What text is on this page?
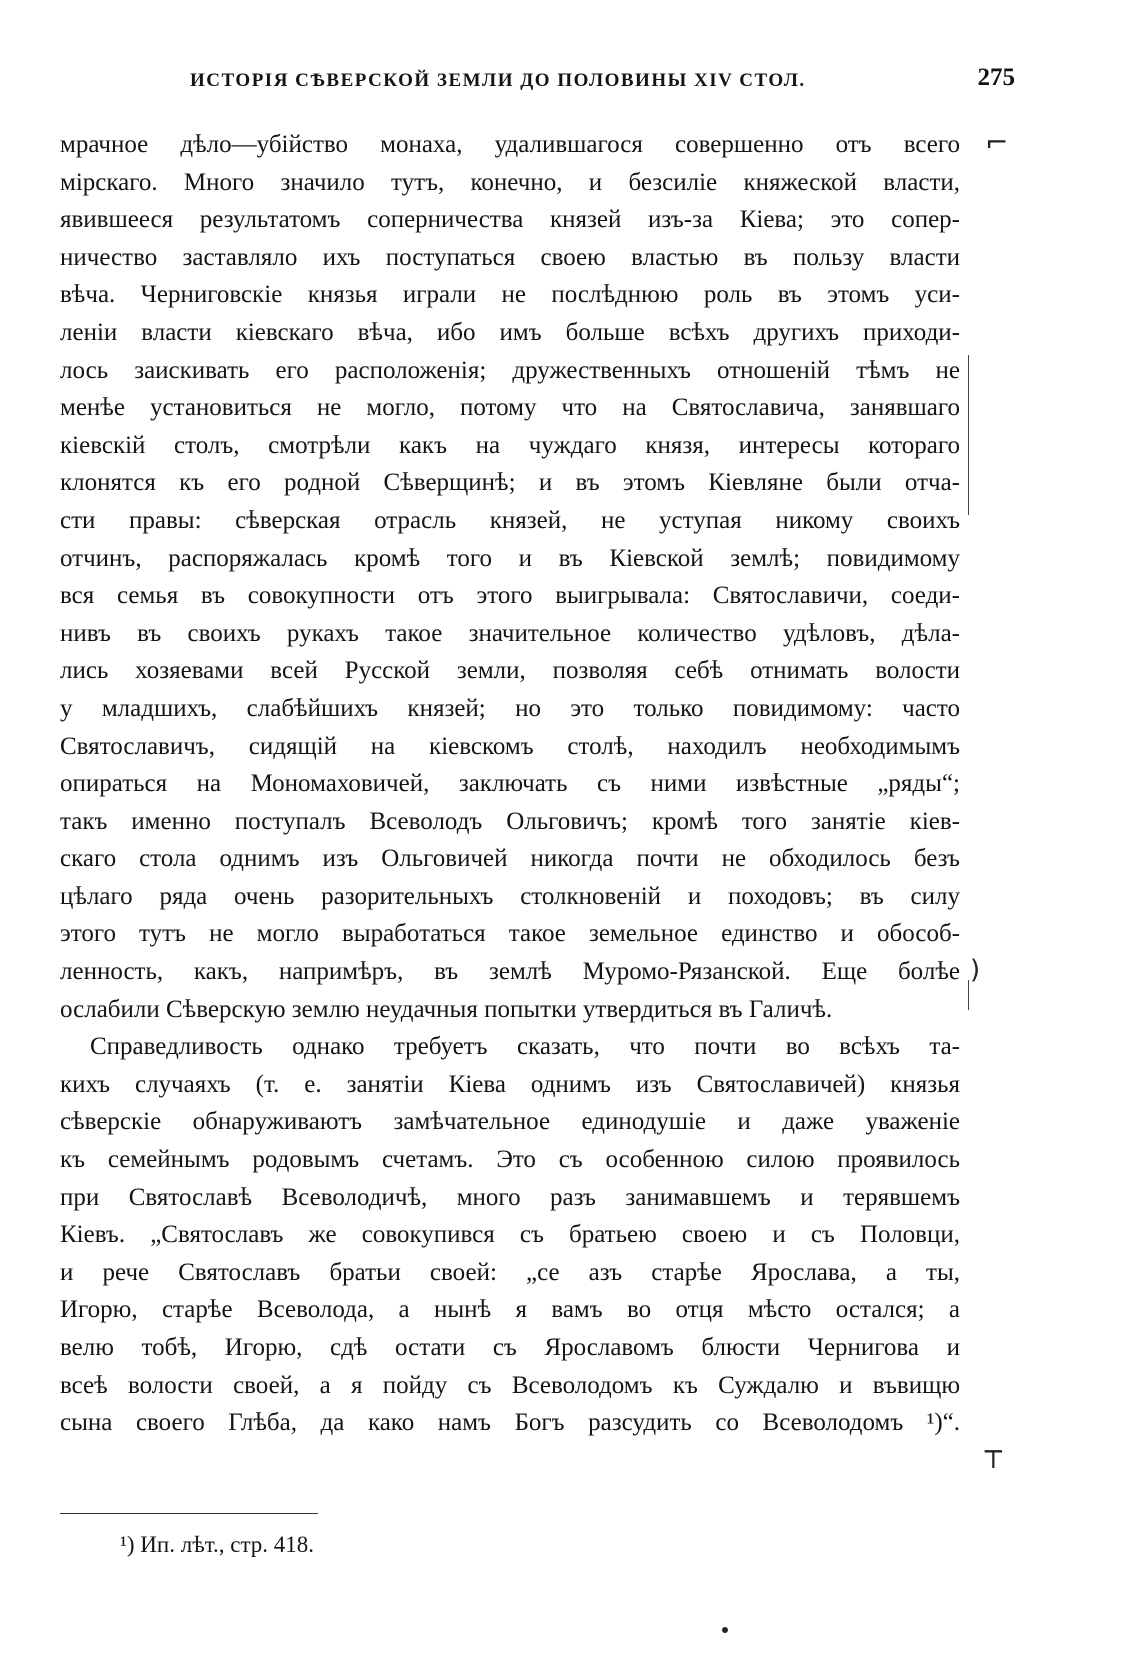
ИСТОРІЯ СѢВЕРСКОЙ ЗЕМЛИ ДО ПОЛОВИНЫ XIV СТОЛ.	275
мрачное дѣло—убійство монаха, удалившагося совершенно отъ всего
мірскаго. Много значило тутъ, конечно, и безсиліе княжеской власти,
явившееся результатомъ соперничества князей изъ-за Кіева; это сопер-
ничество заставляло ихъ поступаться своею властью въ пользу власти
вѣча. Черниговскіе князья играли не послѣднюю роль въ этомъ уси-
леніи власти кіевскаго вѣча, ибо имъ больше всѣхъ другихъ приходи-
лось заискивать его расположенія; дружественныхъ отношеній тѣмъ не
менѣе установиться не могло, потому что на Святославича, занявшаго
кіевскій столъ, смотрѣли какъ на чуждаго князя, интересы котораго
клонятся къ его родной Сѣверщинѣ; и въ этомъ Кіевляне были отча-
сти правы: сѣверская отрасль князей, не уступая никому своихъ
отчинъ, распоряжалась кромѣ того и въ Кіевской землѣ; повидимому
вся семья въ совокупности отъ этого выигрывала: Святославичи, соеди-
нивъ въ своихъ рукахъ такое значительное количество удѣловъ, дѣла-
лись хозяевами всей Русской земли, позволяя себѣ отнимать волости
у младшихъ, слабѣйшихъ князей; но это только повидимому: часто
Святославичъ, сидящій на кіевскомъ столѣ, находилъ необходимымъ
опираться на Мономаховичей, заключать съ ними извѣстные „ряды“;
такъ именно поступалъ Всеволодъ Ольговичъ; кромѣ того занятіе кіев-
скаго стола однимъ изъ Ольговичей никогда почти не обходилось безъ
цѣлаго ряда очень разорительныхъ столкновеній и походовъ; въ силу
этого тутъ не могло выработаться такое земельное единство и обособ-
ленность, какъ, напримѣръ, въ землѣ Муромо-Рязанской. Еще болѣе
ослабили Сѣверскую землю неудачныя попытки утвердиться въ Галичѣ.
Справедливость однако требуетъ сказать, что почти во всѣхъ та-
кихъ случаяхъ (т. е. занятіи Кіева однимъ изъ Святославичей) князья
сѣверскіе обнаруживаютъ замѣчательное единодушіе и даже уваженіе
къ семейнымъ родовымъ счетамъ. Это съ особенною силою проявилось
при Святославѣ Всеволодичѣ, много разъ занимавшемъ и терявшемъ
Кіевъ. „Святославъ же совокупився съ братьею своею и съ Половци,
и рече Святославъ братьи своей: „се азъ старѣе Ярослава, а ты,
Игорю, старѣе Всеволода, а нынѣ я вамъ во отця мѣсто остался; а
велю тобѣ, Игорю, сдѣ остати съ Ярославомъ блюсти Чернигова и
всеѣ волости своей, а я пойду съ Всеволодомъ къ Суждалю и въвищю
сына своего Глѣба, да како намъ Богъ разсудить со Всеволодомъ ¹)“.
¹) Ип. лѣт., стр. 418.
⌐
)
┬
